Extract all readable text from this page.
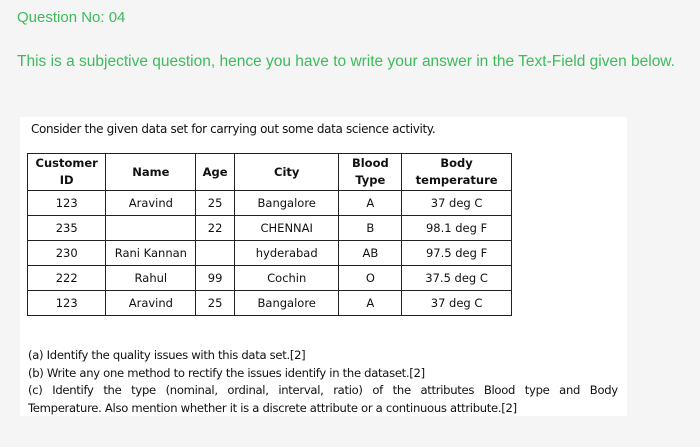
Question No: 04
This is a subjective question, hence you have to write your answer in the Text-Field given below.
Consider the given data set for carrying out some data science activity.
Customer ID	Name	Age	City	Blood Type	Body temperature
123	Aravind	25	Bangalore	A	37 deg C
235		22	CHENNAI	B	98.1 deg F
230	Rani Kannan		hyderabad	AB	97.5 deg F
222	Rahul	99	Cochin	O	37.5 deg C
123	Aravind	25	Bangalore	A	37 deg C
(a) Identify the quality issues with this data set.[2]
(b) Write any one method to rectify the issues identify in the dataset.[2]
(c) Identify the type (nominal, ordinal, interval, ratio) of the attributes Blood type and Body
Temperature. Also mention whether it is a discrete attribute or a continuous attribute.[2]
